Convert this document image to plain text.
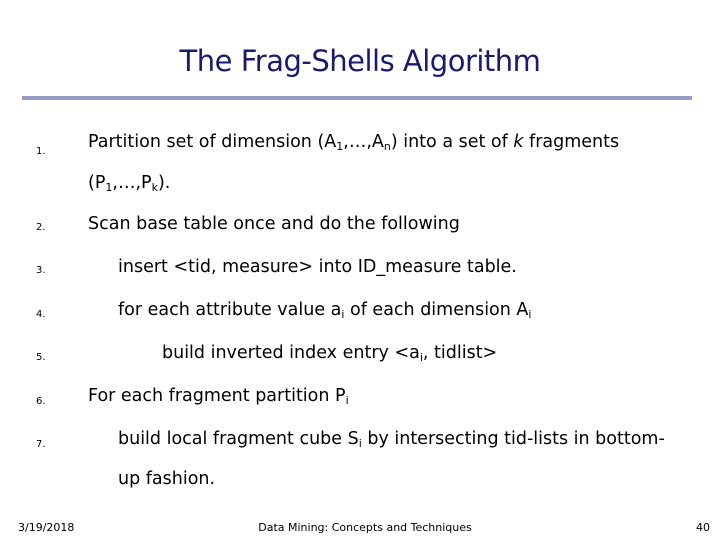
The Frag-Shells Algorithm
1.
2.
3.
4.
5.
6.
7.
Partition set of dimension $(A_1,\dots,A_n)$ into a set of k fragments
$(P_1,\dots,P_k)$.
Scan base table once and do the following
insert <tid, measure> into ID_measure table.
for each attribute value $a_i$ of each dimension $A_i$
build inverted index entry $<a_i$, tidlist>
For each fragment partition $P_i$
build local fragment cube $S_i$ by intersecting tid-lists in bottom-
up fashion.
3/19/2018	Data Mining: Concepts and Techniques	40
